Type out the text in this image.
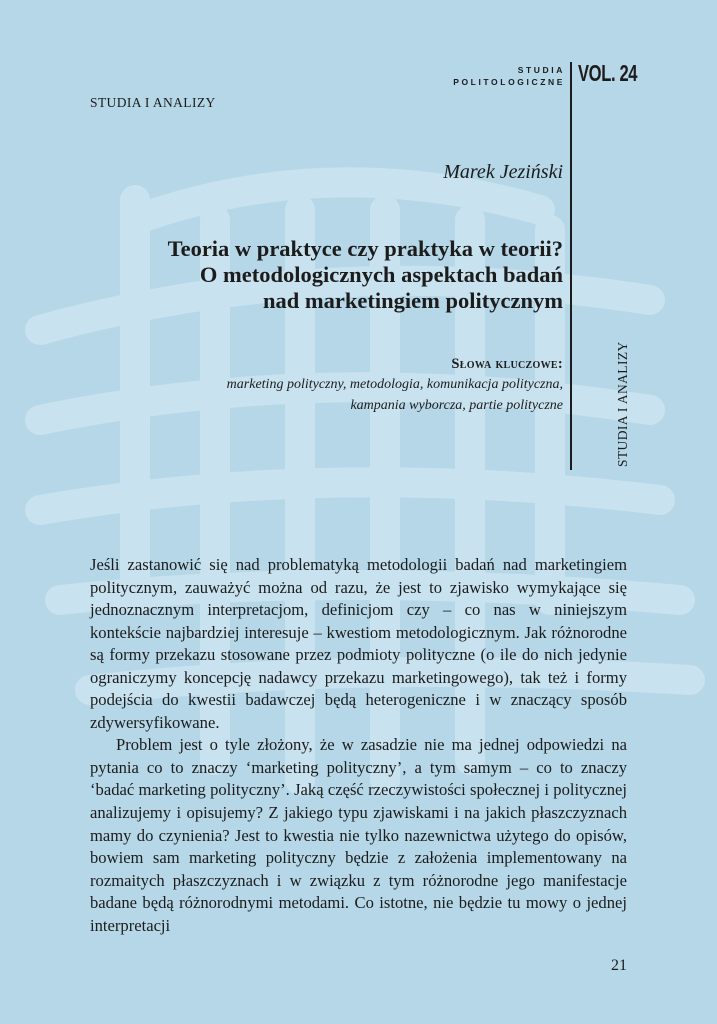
STUDIA I ANALIZY
STUDIA
POLITOLOGICZNE VOL. 24
STUDIA I ANALIZY
Marek Jeziński
Teoria w praktyce czy praktyka w teorii?
O metodologicznych aspektach badań
nad marketingiem politycznym
Słowa kluczowe:
marketing polityczny, metodologia, komunikacja polityczna,
kampania wyborcza, partie polityczne

Jeśli zastanowić się nad problematyką metodologii badań nad marketingiem politycznym, zauważyć można od razu, że jest to zjawisko wymykające się jednoznacznym interpretacjom, definicjom czy – co nas w niniejszym kontekście najbardziej interesuje – kwestiom metodologicznym. Jak różnorodne są formy przekazu stosowane przez podmioty polityczne (o ile do nich jedynie ograniczymy koncepcję nadawcy przekazu marketingowego), tak też i formy podejścia do kwestii badawczej będą heterogeniczne i w znaczący sposób zdywersyfikowane.

Problem jest o tyle złożony, że w zasadzie nie ma jednej odpowiedzi na pytania co to znaczy ‘marketing polityczny’, a tym samym – co to znaczy ‘badać marketing polityczny’. Jaką część rzeczywistości społecznej i politycznej analizujemy i opisujemy? Z jakiego typu zjawiskami i na jakich płaszczyznach mamy do czynienia? Jest to kwestia nie tylko nazewnictwa użytego do opisów, bowiem sam marketing polityczny będzie z założenia implementowany na rozmaitych płaszczyznach i w związku z tym różnorodne jego manifestacje badane będą różnorodnymi metodami. Co istotne, nie będzie tu mowy o jednej interpretacji

21
